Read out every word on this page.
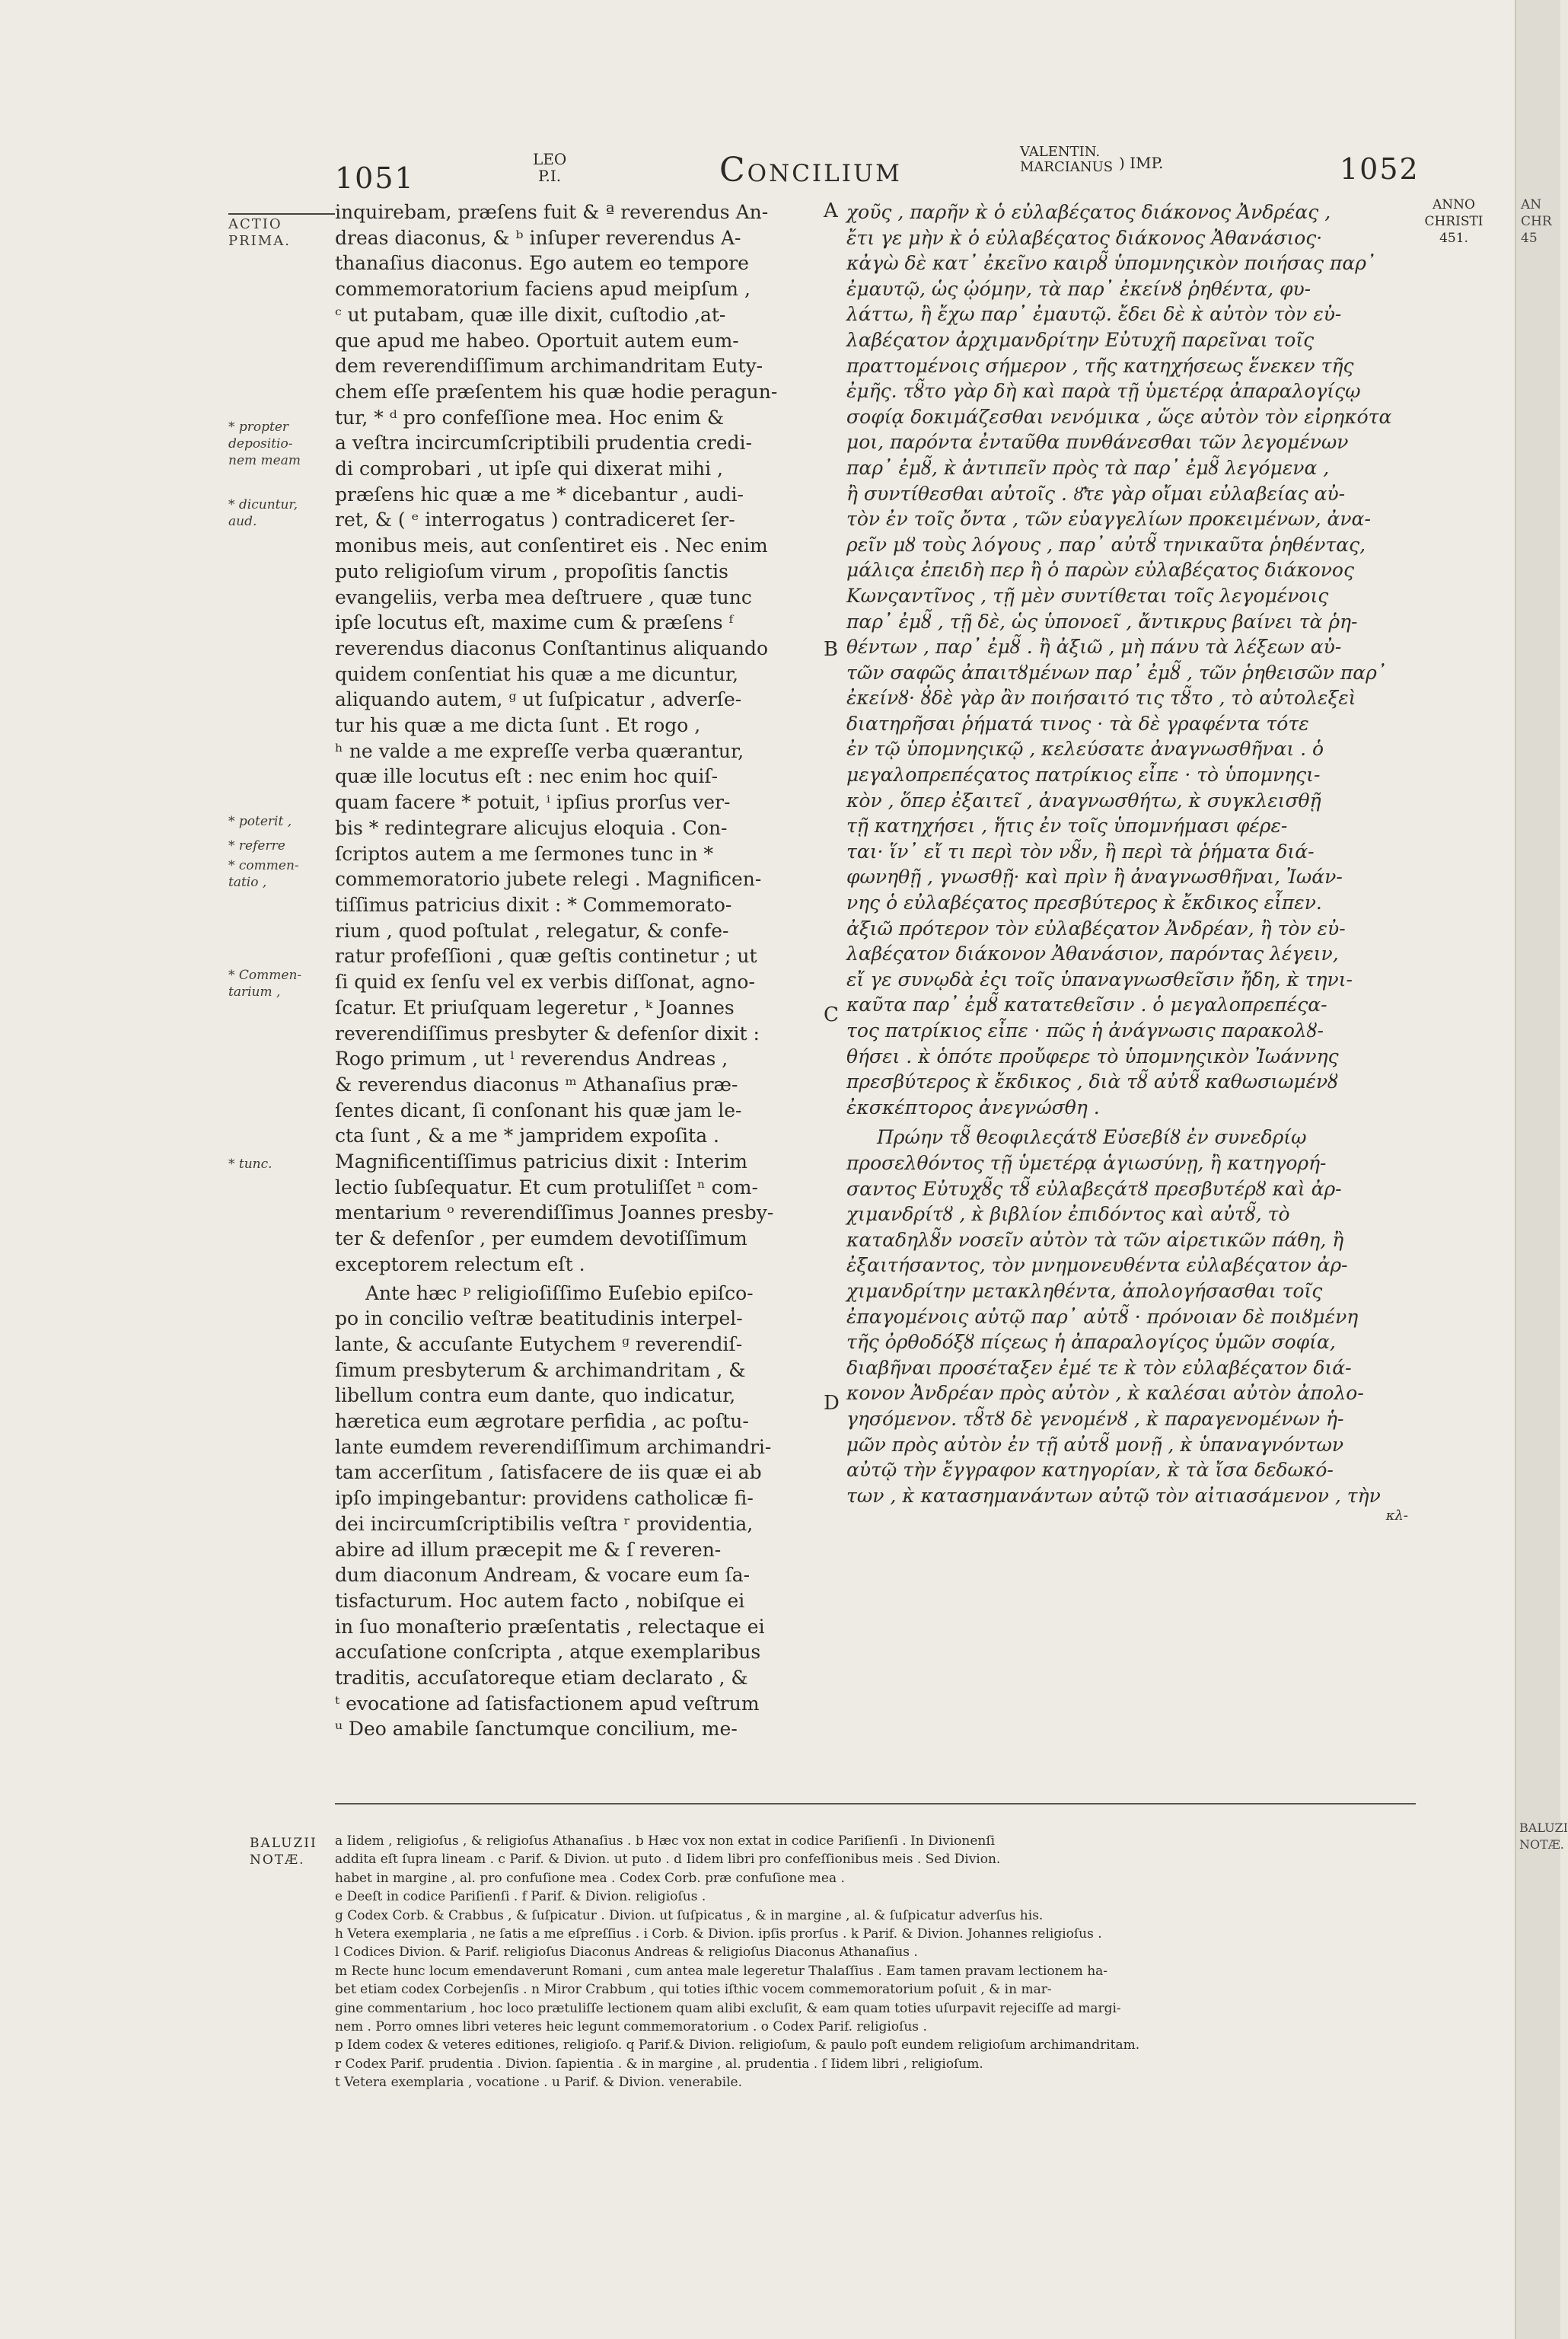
1051
LEO
P.I.	Concilium	VALENTIN.
MARCIANUS ) IMP.	1052
ACTIO
PRIMA.
* propter
depositio-
nem meam
* dicuntur,
aud.
* poterit ,
* referre
* commen-
tatio ,
* Commen-
tarium ,
* tunc.
inquirebam, præſens fuit & ª reverendus An-
dreas diaconus, & ᵇ inſuper reverendus A-
thanaſius diaconus. Ego autem eo tempore
commemoratorium faciens apud meipſum ,
ᶜ ut putabam, quæ ille dixit, cuſtodio ,at-
que apud me habeo. Oportuit autem eum-
dem reverendiſſimum archimandritam Euty-
chem eſſe præſentem his quæ hodie peragun-
tur, * ᵈ pro confeſſione mea. Hoc enim &
a veſtra incircumſcriptibili prudentia credi-
di comprobari , ut ipſe qui dixerat mihi ,
præſens hic quæ a me * dicebantur , audi-
ret, & ( ᵉ interrogatus ) contradiceret ſer-
monibus meis, aut conſentiret eis . Nec enim
puto religioſum virum , propoſitis ſanctis
evangeliis, verba mea deſtruere , quæ tunc
ipſe locutus eſt, maxime cum & præſens ᶠ
reverendus diaconus Conſtantinus aliquando
quidem conſentiat his quæ a me dicuntur,
aliquando autem, ᵍ ut ſuſpicatur , adverſe-
tur his quæ a me dicta ſunt . Et rogo ,
ʰ ne valde a me expreſſe verba quærantur,
quæ ille locutus eſt : nec enim hoc quiſ-
quam facere * potuit, ⁱ ipſius prorſus ver-
bis * redintegrare alicujus eloquia . Con-
ſcriptos autem a me ſermones tunc in *
commemoratorio jubete relegi . Magnificen-
tiſſimus patricius dixit : * Commemorato-
rium , quod poſtulat , relegatur, & confe-
ratur profeſſioni , quæ geſtis continetur ; ut
ſi quid ex ſenſu vel ex verbis diſſonat, agno-
ſcatur. Et priuſquam legeretur , ᵏ Joannes
reverendiſſimus presbyter & defenſor dixit :
Rogo primum , ut ˡ reverendus Andreas ,
& reverendus diaconus ᵐ Athanaſius præ-
ſentes dicant, ſi conſonant his quæ jam le-
cta ſunt , & a me * jampridem expoſita .
Magnificentiſſimus patricius dixit : Interim
lectio ſubſequatur. Et cum protuliſſet ⁿ com-
mentarium ᵒ reverendiſſimus Joannes presby-
ter & defenſor , per eumdem devotiſſimum
exceptorem relectum eſt .
Ante hæc ᵖ religioſiſſimo Euſebio epiſco-
po in concilio veſtræ beatitudinis interpel-
lante, & accuſante Eutychem ᵍ reverendiſ-
ſimum presbyterum & archimandritam , &
libellum contra eum dante, quo indicatur,
hæretica eum ægrotare perfidia , ac poſtu-
lante eumdem reverendiſſimum archimandri-
tam accerſitum , ſatisfacere de iis quæ ei ab
ipſo impingebantur: providens catholicæ fi-
dei incircumſcriptibilis veſtra ʳ providentia,
abire ad illum præcepit me & ſ reveren-
dum diaconum Andream, & vocare eum ſa-
tisfacturum. Hoc autem facto , nobiſque ei
in ſuo monaſterio præſentatis , relectaque ei
accuſatione conſcripta , atque exemplaribus
traditis, accuſatoreque etiam declarato , &
ᵗ evocatione ad ſatisfactionem apud veſtrum
ᵘ Deo amabile ſanctumque concilium, me-
A
B
C
D
χοῦς , παρῆν κ̀ ὁ εὐλαβέςατος διάκονος Ἀνδρέας ,
ἔτι γε μὴν κ̀ ὁ εὐλαβέςατος διάκονος Ἀθανάσιος·
κἀγὼ δὲ κατ᾽ ἐκεῖνο καιρȣ̃ ὑπομνηςικὸν ποιήσας παρ᾽
ἐμαυτῷ, ὡς ᾠόμην, τὰ παρ᾽ ἐκείνȣ ῥηθέντα, φυ-
λάττω, ἢ ἔχω παρ᾽ ἐμαυτῷ. ἔδει δὲ κ̀ αὐτὸν τὸν εὐ-
λαβέςατον ἀρχιμανδρίτην Εὐτυχῆ παρεῖναι τοῖς
πραττομένοις σήμερον , τῆς κατηχήσεως ἕνεκεν τῆς
ἐμῆς. τȣ̃το γὰρ δὴ καὶ παρὰ τῇ ὑμετέρᾳ ἀπαραλογίςῳ
σοφίᾳ δοκιμάζεσθαι νενόμικα , ὥςε αὐτὸν τὸν εἰρηκότα
μοι, παρόντα ἐνταῦθα πυνθάνεσθαι τῶν λεγομένων
παρ᾽ ἐμȣ̃, κ̀ ἀντιπεῖν πρὸς τὰ παρ᾽ ἐμȣ̃ λεγόμενα ,
ἢ συντίθεσθαι αὐτοῖς . ȣ̓͂τε γὰρ οἴμαι εὐλαβείας αὐ-
τὸν ἐν τοῖς ὄντα , τῶν εὐαγγελίων προκειμένων, ἀνα-
ρεῖν μȣ τοὺς λόγους , παρ᾽ αὐτȣ̃ τηνικαῦτα ῥηθέντας,
μάλιςα ἐπειδὴ περ ἢ ὁ παρὼν εὐλαβέςατος διάκονος
Κωνςαντῖνος , τῇ μὲν συντίθεται τοῖς λεγομένοις
παρ᾽ ἐμȣ̃ , τῇ δὲ, ὡς ὑπονοεῖ , ἄντικρυς βαίνει τὰ ῥη-
θέντων , παρ᾽ ἐμȣ̃ . ἢ ἀξιῶ , μὴ πάνυ τὰ λέξεων αὐ-
τῶν σαφῶς ἀπαιτȣμένων παρ᾽ ἐμȣ̃ , τῶν ῥηθεισῶν παρ᾽
ἐκείνȣ· ȣ̓δὲ γὰρ ἂν ποιήσαιτό τις τȣ̃το , τὸ αὐτολεξεὶ
διατηρῆσαι ῥήματά τινος · τὰ δὲ γραφέντα τότε
ἐν τῷ ὑπομνηςικῷ , κελεύσατε ἀναγνωσθῆναι . ὁ
μεγαλοπρεπέςατος πατρίκιος εἶπε · τὸ ὑπομνηςι-
κὸν , ὅπερ ἐξαιτεῖ , ἀναγνωσθήτω, κ̀ συγκλεισθῇ
τῇ κατηχήσει , ἥτις ἐν τοῖς ὑπομνήμασι φέρε-
ται· ἵν᾽ εἴ τι περὶ τὸν νȣ̃ν, ἢ περὶ τὰ ῥήματα διά-
φωνηθῇ , γνωσθῇ· καὶ πρὶν ἢ ἀναγνωσθῆναι, Ἰωάν-
νης ὁ εὐλαβέςατος πρεσβύτερος κ̀ ἔκδικος εἶπεν.
ἀξιῶ πρότερον τὸν εὐλαβέςατον Ἀνδρέαν, ἢ τὸν εὐ-
λαβέςατον διάκονον Ἀθανάσιον, παρόντας λέγειν,
εἴ γε συνῳδὰ ἐςι τοῖς ὑπαναγνωσθεῖσιν ἤδη, κ̀ τηνι-
καῦτα παρ᾽ ἐμȣ̃ κατατεθεῖσιν . ὁ μεγαλοπρεπέςα-
τος πατρίκιος εἶπε · πῶς ἡ ἀνάγνωσις παρακολȣ-
θήσει . κ̀ ὁπότε προὔφερε τὸ ὑπομνηςικὸν Ἰωάννης
πρεσβύτερος κ̀ ἔκδικος , διὰ τȣ̃ αὐτȣ̃ καθωσιωμένȣ
ἐκσκέπτορος ἀνεγνώσθη .
Πρώην τȣ̃ θεοφιλεςάτȣ Εὐσεβίȣ ἐν συνεδρίῳ
προσελθόντος τῇ ὑμετέρᾳ ἁγιωσύνῃ, ἢ κατηγορή-
σαντος Εὐτυχȣ̃ς τȣ̃ εὐλαβεςάτȣ πρεσβυτέρȣ καὶ ἀρ-
χιμανδρίτȣ , κ̀ βιβλίον ἐπιδόντος καὶ αὐτȣ̃, τὸ
καταδηλȣ̃ν νοσεῖν αὐτὸν τὰ τῶν αἱρετικῶν πάθη, ἢ
ἐξαιτήσαντος, τὸν μνημονευθέντα εὐλαβέςατον ἀρ-
χιμανδρίτην μετακληθέντα, ἀπολογήσασθαι τοῖς
ἐπαγομένοις αὐτῷ παρ᾽ αὐτȣ̃ · πρόνοιαν δὲ ποιȣμένη
τῆς ὀρθοδόξȣ πίςεως ἡ ἀπαραλογίςος ὑμῶν σοφία,
διαβῆναι προσέταξεν ἐμέ τε κ̀ τὸν εὐλαβέςατον διά-
κονον Ἀνδρέαν πρὸς αὐτὸν , κ̀ καλέσαι αὐτὸν ἀπολο-
γησόμενον. τȣ̃τȣ δὲ γενομένȣ , κ̀ παραγενομένων ἡ-
μῶν πρὸς αὐτὸν ἐν τῇ αὐτȣ̃ μονῇ , κ̀ ὑπαναγνόντων
αὐτῷ τὴν ἔγγραφον κατηγορίαν, κ̀ τὰ ἴσα δεδωκό-
των , κ̀ κατασημανάντων αὐτῷ τὸν αἰτιασάμενον , τὴν
κλ-
ANNO
CHRISTI
451.
BALUZII
NOTÆ.
a Iidem , religioſus , & religioſus Athanaſius . b Hæc vox non extat in codice Pariſienſi . In Divionenſi
addita eſt ſupra lineam . c Parif. & Divion. ut puto . d Iidem libri pro confeſſionibus meis . Sed Divion.
habet in margine , al. pro confuſione mea . Codex Corb. præ confuſione mea .
e Deeſt in codice Pariſienſi . f Parif. & Divion. religioſus .
g Codex Corb. & Crabbus , & ſuſpicatur . Divion. ut ſuſpicatus , & in margine , al. & ſuſpicatur adverſus his.
h Vetera exemplaria , ne ſatis a me eſpreſſius . i Corb. & Divion. ipſis prorſus . k Parif. & Divion. Johannes religioſus .
l Codices Divion. & Parif. religioſus Diaconus Andreas & religioſus Diaconus Athanaſius .
m Recte hunc locum emendaverunt Romani , cum antea male legeretur Thalaſſius . Eam tamen pravam lectionem ha-
bet etiam codex Corbejenſis . n Miror Crabbum , qui toties iſthic vocem commemoratorium poſuit , & in mar-
gine commentarium , hoc loco prætuliſſe lectionem quam alibi excluſit, & eam quam toties uſurpavit rejeciſſe ad margi-
nem . Porro omnes libri veteres heic legunt commemoratorium . o Codex Parif. religioſus .
p Idem codex & veteres editiones, religioſo. q Parif.& Divion. religioſum, & paulo poſt eundem religioſum archimandritam.
r Codex Parif. prudentia . Divion. ſapientia . & in margine , al. prudentia . ſ Iidem libri , religioſum.
t Vetera exemplaria , vocatione . u Parif. & Divion. venerabile.
AN
CHR
45
BALUZI
NOTÆ.
